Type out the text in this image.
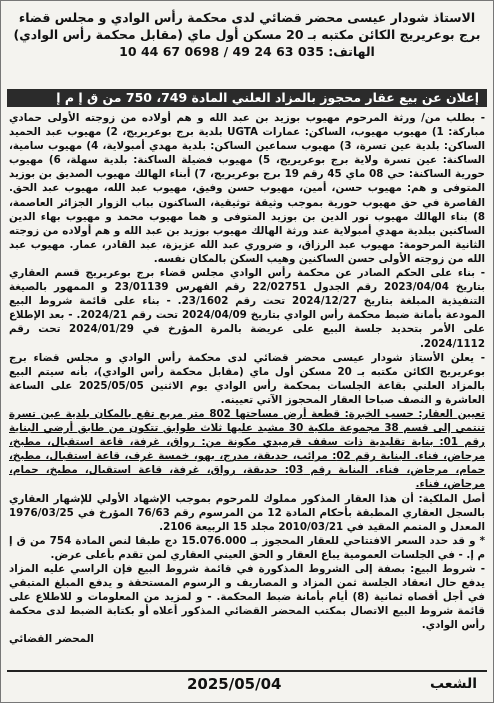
الاستاذ شودار عيسى محضر قضائي لدى محكمة رأس الوادي و مجلس قضاء
برج بوعريريج الكائن مكتبه بـ 20 مسكن أول ماي (مقابل محكمة رأس الوادي)
الهاتف: 035 63 24 49 / 0698 67 44 10
إعلان عن بيع عقار محجوز بالمزاد العلني المادة 749، 750 من ق إ م إ

- بطلب من/ ورثة المرحوم مهيوب بوزيد بن عبد الله و هم أولاده من زوجته الأولى حمادي مباركة: 1) مهيوب مهيوب، الساكن: عمارات UGTA بلدية برج بوعريريج، 2) مهيوب عبد الحميد الساكن: بلدية عين تسرة، 3) مهيوب سماعين الساكن: بلدية مهدي أمبولاية، 4) مهيوب سامية، الساكنة: عين تسرة ولاية برج بوعريريج، 5) مهيوب فضيلة الساكنة: بلدية سهلة، 6) مهيوب حورية الساكنة: حي 08 ماي 45 رقم 19 برج بوعريريج، 7) أبناء الهالك مهيوب الصديق بن بوزيد المتوفى و هم: مهيوب حسن، أمين، مهيوب حسن وفيق، مهيوب عبد الله، مهيوب عبد الحق. القاصرة في حق مهيوب حورية بموجب وثيقة توثيقية، الساكنون بباب الزوار الجزائر العاصمة، 8) بناء الهالك مهيوب نور الدين بن بوزيد المتوفى و هما مهيوب محمد و مهيوب بهاء الدين الساكنين ببلدية مهدي أمبولاية عند ورثة الهالك مهيوب بوزيد بن عبد الله و هم أولاده من زوجته الثانية المرحومة: مهيوب عبد الرزاق، و ضروري عبد الله عزيزة، عبد القادر، عمار. مهيوب عبد الله من زوجته الأولى حسن الساكنين وهيب السكن بالمكان نفسه.

- بناء على الحكم الصادر عن محكمة رأس الوادي مجلس قضاء برج بوعريريج قسم العقاري بتاريخ 2023/04/04 رقم الجدول 22/02751 رقم الفهرس 23/01139 و الممهور بالصيغة التنفيذية المبلغة بتاريخ 2024/12/27 تحت رقم 23/1602. - بناء على قائمة شروط البيع المودعة بأمانة ضبط محكمة رأس الوادي بتاريخ 2024/04/09 تحت رقم 2024/21. - بعد الإطلاع على الأمر بتحديد جلسة البيع على عريضة بالمرة المؤرخ في 2024/01/29 تحت رقم 2024/1112.

- يعلن الأستاذ شودار عيسى محضر قضائي لدى محكمة رأس الوادي و مجلس قضاء برج بوعريريج الكائن مكتبه بـ 20 مسكن أول ماي (مقابل محكمة رأس الوادي)، بأنه سيتم البيع بالمزاد العلني بقاعة الجلسات بمحكمة رأس الوادي يوم الاثنين 2025/05/05 على الساعة العاشرة و النصف صباحا العقار المحجوز الآتي تعيينه.

تعيين العقار: حسب الخبرة: قطعة أرض مساحتها 802 متر مربع تقع بالمكان بلدية عين تسرة تنتمي إلى قسم 38 مجموعة ملكية 30 مشيد عليها ثلاث طوابق تتكون من طابق أرضي البناية رقم 01: بناية تقليدية ذات سقف قرميدي مكونة من: رواق، غرفة، قاعة استقبال، مطبخ، مرحاض، فناء. البناية رقم 02: مرائب، حديقة، مدرج، بهو، خمسة غرف، قاعة استقبال، مطبخ، حمام، مرحاض، فناء. البناية رقم 03: حديقة، رواق، غرفة، قاعة استقبال، مطبخ، حمام، مرحاض، فناء.

أصل الملكية: أن هذا العقار المذكور مملوك للمرحوم بموجب الإشهاد الأولي للإشهار العقاري بالسجل العقاري المطبقة بأحكام المادة 12 من المرسوم رقم 76/63 المؤرخ في 1976/03/25 المعدل و المتمم المقيد في 2010/03/21 مجلد 15 الربيعة 2106.

* و قد حدد السعر الافتتاحي للعقار المحجوز بـ 15.076.000 دج طبقا لنص المادة 754 من ق إ م إ. - في الجلسات العمومية يباع العقار و الحق العيني العقاري لمن تقدم بأعلى عرض.

- شروط البيع: بصفة إلى الشروط المذكورة في قائمة شروط البيع فإن الراسي عليه المزاد يدفع حال انعقاد الجلسة ثمن المزاد و المصاريف و الرسوم المستحقة و يدفع المبلغ المتبقي في أجل أقصاه ثمانية (8) أيام بأمانة ضبط المحكمة. - و لمزيد من المعلومات و للاطلاع على قائمة شروط البيع الاتصال بمكتب المحضر القضائي المذكور أعلاه أو بكتابة الضبط لدى محكمة رأس الوادي.

المحضر القضائي

الشعب
2025/05/04
